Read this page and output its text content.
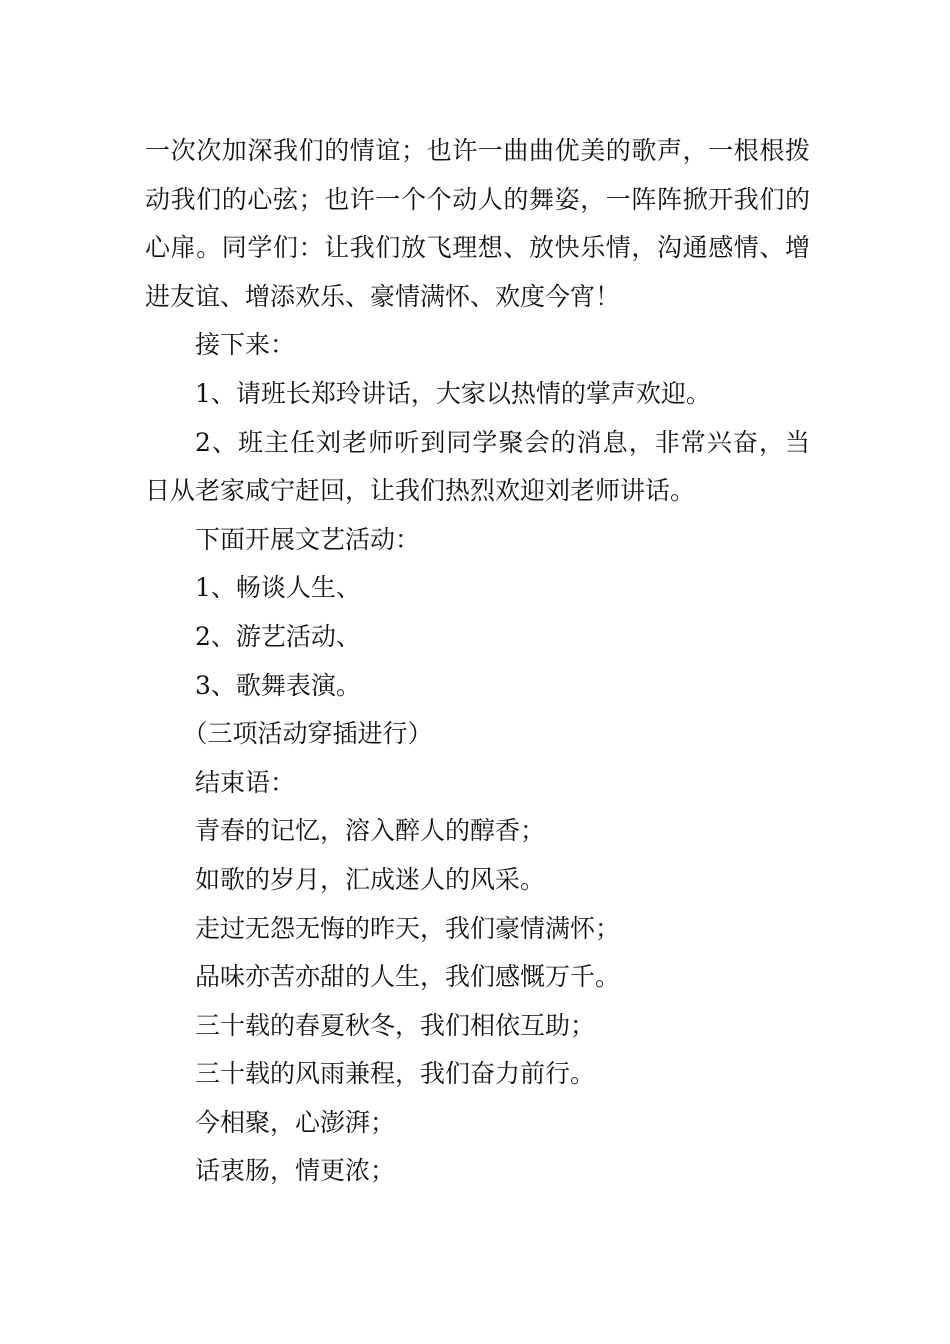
一次次加深我们的情谊；也许一曲曲优美的歌声，一根根拨动我们的心弦；也许一个个动人的舞姿，一阵阵掀开我们的心扉。同学们：让我们放飞理想、放快乐情，沟通感情、增进友谊、增添欢乐、豪情满怀、欢度今宵！

接下来：

1、请班长郑玲讲话，大家以热情的掌声欢迎。

2、班主任刘老师听到同学聚会的消息，非常兴奋，当日从老家咸宁赶回，让我们热烈欢迎刘老师讲话。

下面开展文艺活动：

1、畅谈人生、

2、游艺活动、

3、歌舞表演。

（三项活动穿插进行）

结束语：

青春的记忆，溶入醉人的醇香；

如歌的岁月，汇成迷人的风采。

走过无怨无悔的昨天，我们豪情满怀；

品味亦苦亦甜的人生，我们感慨万千。

三十载的春夏秋冬，我们相依互助；

三十载的风雨兼程，我们奋力前行。

今相聚，心澎湃；

话衷肠，情更浓；
